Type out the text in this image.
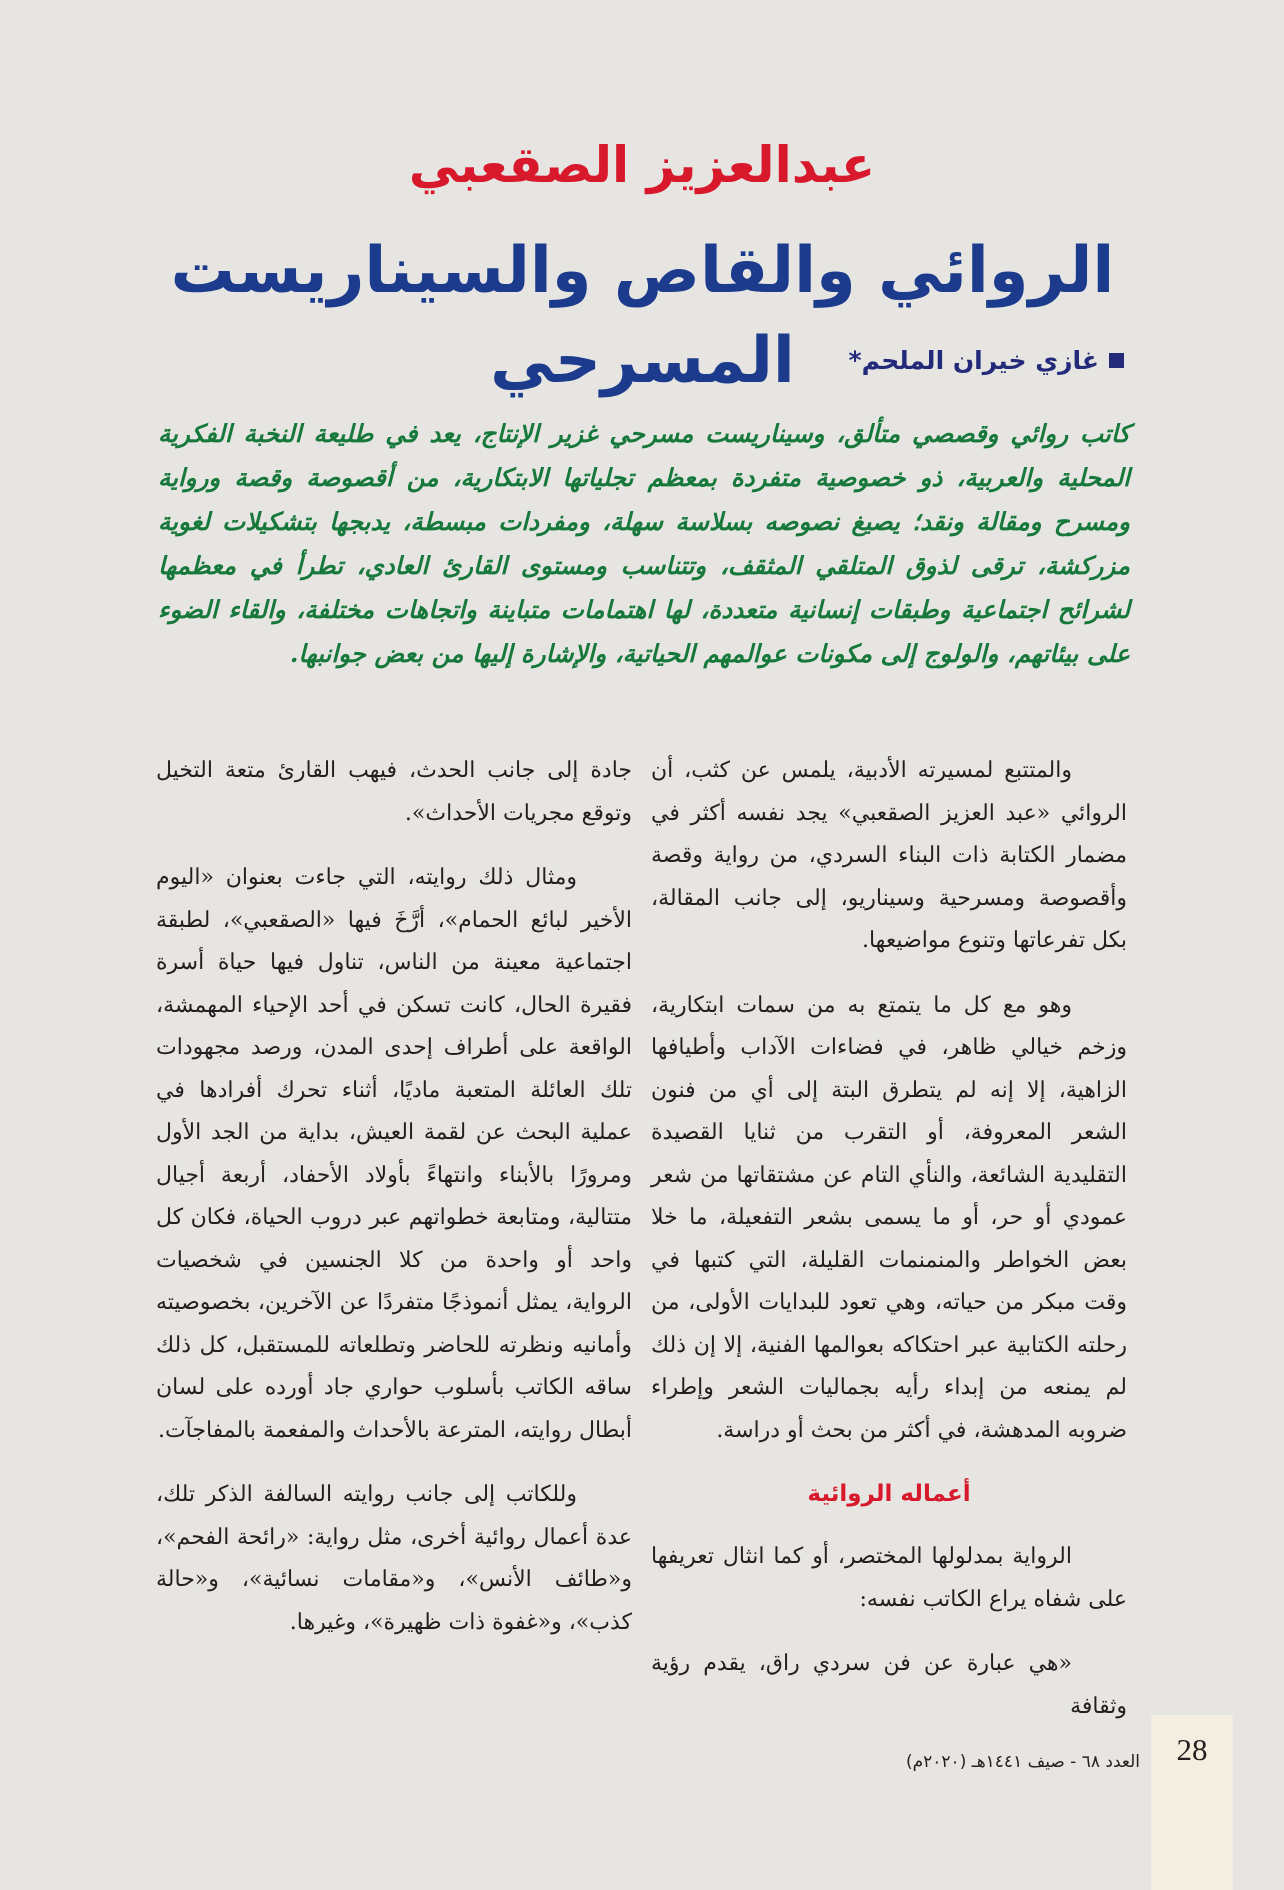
عبدالعزيز الصقعبي
الروائي والقاص والسيناريست المسرحي	غازي خيران الملحم*
كاتب روائي وقصصي متألق، وسيناريست مسرحي غزير الإنتاج، يعد في طليعة النخبة الفكرية المحلية والعربية، ذو خصوصية متفردة بمعظم تجلياتها الابتكارية، من أقصوصة وقصة ورواية ومسرح ومقالة ونقد؛ يصيغ نصوصه بسلاسة سهلة، ومفردات مبسطة، يدبجها بتشكيلات لغوية مزركشة، ترقى لذوق المتلقي المثقف، وتتناسب ومستوى القارئ العادي، تطرأ في معظمها لشرائح اجتماعية وطبقات إنسانية متعددة، لها اهتمامات متباينة واتجاهات مختلفة، والقاء الضوء على بيئاتهم، والولوج إلى مكونات عوالمهم الحياتية، والإشارة إليها من بعض جوانبها.

والمتتبع لمسيرته الأدبية، يلمس عن كثب، أن الروائي «عبد العزيز الصقعبي» يجد نفسه أكثر في مضمار الكتابة ذات البناء السردي، من رواية وقصة وأقصوصة ومسرحية وسيناريو، إلى جانب المقالة، بكل تفرعاتها وتنوع مواضيعها.

وهو مع كل ما يتمتع به من سمات ابتكارية، وزخم خيالي ظاهر، في فضاءات الآداب وأطيافها الزاهية، إلا إنه لم يتطرق البتة إلى أي من فنون الشعر المعروفة، أو التقرب من ثنايا القصيدة التقليدية الشائعة، والنأي التام عن مشتقاتها من شعر عمودي أو حر، أو ما يسمى بشعر التفعيلة، ما خلا بعض الخواطر والمنمنمات القليلة، التي كتبها في وقت مبكر من حياته، وهي تعود للبدايات الأولى، من رحلته الكتابية عبر احتكاكه بعوالمها الفنية، إلا إن ذلك لم يمنعه من إبداء رأيه بجماليات الشعر وإطراء ضروبه المدهشة، في أكثر من بحث أو دراسة.

أعماله الروائية

الرواية بمدلولها المختصر، أو كما انثال تعريفها على شفاه يراع الكاتب نفسه:

«هي عبارة عن فن سردي راق، يقدم رؤية وثقافة

جادة إلى جانب الحدث، فيهب القارئ متعة التخيل وتوقع مجريات الأحداث».

ومثال ذلك روايته، التي جاءت بعنوان «اليوم الأخير لبائع الحمام»، أرَّخَ فيها «الصقعبي»، لطبقة اجتماعية معينة من الناس، تناول فيها حياة أسرة فقيرة الحال، كانت تسكن في أحد الإحياء المهمشة، الواقعة على أطراف إحدى المدن، ورصد مجهودات تلك العائلة المتعبة ماديًا، أثناء تحرك أفرادها في عملية البحث عن لقمة العيش، بداية من الجد الأول ومرورًا بالأبناء وانتهاءً بأولاد الأحفاد، أربعة أجيال متتالية، ومتابعة خطواتهم عبر دروب الحياة، فكان كل واحد أو واحدة من كلا الجنسين في شخصيات الرواية، يمثل أنموذجًا متفردًا عن الآخرين، بخصوصيته وأمانيه ونظرته للحاضر وتطلعاته للمستقبل، كل ذلك ساقه الكاتب بأسلوب حواري جاد أورده على لسان أبطال روايته، المترعة بالأحداث والمفعمة بالمفاجآت.

وللكاتب إلى جانب روايته السالفة الذكر تلك، عدة أعمال روائية أخرى، مثل رواية: «رائحة الفحم»، و«طائف الأنس»، و«مقامات نسائية»، و«حالة كذب»، و«غفوة ذات ظهيرة»، وغيرها.

العدد ٦٨ - صيف ١٤٤١هـ (٢٠٢٠م)	28
